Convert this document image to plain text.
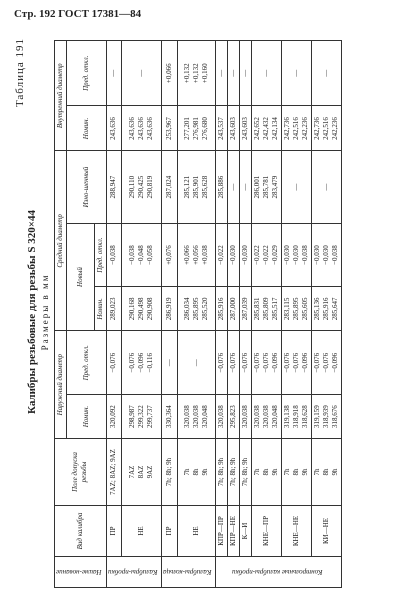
Стр. 192 ГОСТ 17381—84
Таблица 191
Калибры резьбовые для резьбы S 320×44 Размеры в мм
Наиме-нование	Вид калибра	Поле допуска резьбы	Наружный диаметр		Средний диаметр			Внутренний диаметр	
			Номин.	Пред. откл.	Новый		Изно-шенный	Номин.	Пред. откл.
					Номин.	Пред. откл.			
Калибры-пробки	ПР	7AZ; 8AZ; 9AZ	320,092	−0,076	289,023	−0,038	288,947	243,636	—

	НЕ	7AZ 8AZ 9AZ	298,987 299,322 299,737	−0,076 −0,096 −0,116	290,168 290,498 290,908	−0,038 −0,048 −0,058	290,110 290,425 290,819	243,636 243,636 243,636	—

Калибры-кольца	ПР	7h; 8h; 9h	330,364	—	286,919	+0,076	287,024	253,967	+0,066

	НЕ	7h 8h 9h	320,038 320,038 320,048	—	286,034 285,895 285,520	+0,066 +0,056 +0,038	285,121 285,901 285,628	277,201 276,981 276,680	+0,132 +0,132 +0,160

Контрольные калибры-пробки	КПР—ПР	7h; 8h; 9h	320,038	−0,076	285,916	−0,022	285,886	243,537	—

	КПР—НЕ	7h; 8h; 9h	295,823	−0,076	287,000	−0,030	—	243,603	—

	К—И	7h; 8h; 9h	320,038	−0,076	287,039	−0,030	—	243,603	—

	КНЕ—ПР	7h 8h 9h	320,038 320,038 320,048	−0,076 −0,076 −0,096	285,831 285,809 285,517	−0,022 −0,022 −0,029	286,001 285,781 283,479	242,652 242,432 242,134	—

	КНЕ—НЕ	7h 8h 9h	319,138 318,918 318,628	−0,076 −0,076 −0,096	283,115 285,895 285,605	−0,030 −0,030 −0,038	—	242,736 242,516 242,236	—

	КИ—НЕ	7h 8h 9h	319,159 318,939 318,676	−0,076 −0,076 −0,096	285,136 285,916 285,647	−0,030 −0,030 −0,038	—	242,736 242,516 242,236	—
